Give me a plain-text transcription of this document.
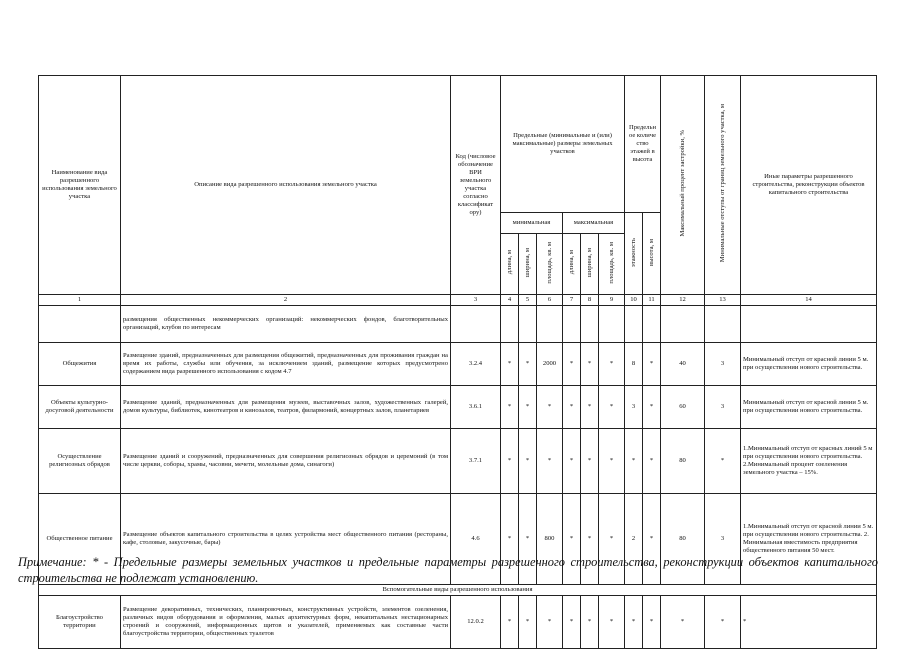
Наименование вида разрешенного использования земельного участка	Описание вида разрешенного использования земельного участка	Код (числовое обозначение ВРИ земельного участка согласно классификат ору)	Предельные (минимальные и (или) максимальные) размеры земельных участков						Предельн ое количе ство этажей в высота		Максимальный процент застройки, %	Минимальные отступы от границ земельного участка, м	Иные параметры разрешенного строительства, реконструкции объектов капитального строительства
			минимальная			максимальная			этажность	высота, м			
			длина, м	ширина, м	площадь, кв. м	длина, м	ширина, м	площадь, кв. м					
1	2	3	4	5	6	7	8	9	10	11	12	13	14
	размещения общественных некоммерческих организаций: некоммерческих фондов, благотворительных организаций, клубов по интересам												
Общежития	Размещение зданий, предназначенных для размещения общежитий, предназначенных для проживания граждан на время их работы, службы или обучения, за исключением зданий, размещение которых предусмотрено содержанием вида разрешенного использования с кодом 4.7	3.2.4	*	*	2000	*	*	*	8	*	40	3	Минимальный отступ от красной линии 5 м. при осуществлении нового строительства.
Объекты культурно-досуговой деятельности	Размещение зданий, предназначенных для размещения музеев, выставочных залов, художественных галерей, домов культуры, библиотек, кинотеатров и кинозалов, театров, филармоний, концертных залов, планетариев	3.6.1	*	*	*	*	*	*	3	*	60	3	Минимальный отступ от красной линии 5 м. при осуществлении нового строительства.
Осуществление религиозных обрядов	Размещение зданий и сооружений, предназначенных для совершения религиозных обрядов и церемоний (в том числе церкви, соборы, храмы, часовни, мечети, молельные дома, синагоги)	3.7.1	*	*	*	*	*	*	*	*	80	*	1.Минимальный отступ от красных линий 5 м при осуществлении нового строительства. 2.Минимальный процент озеленения земельного участка – 15%.
Общественное питание	Размещение объектов капитального строительства в целях устройства мест общественного питания (рестораны, кафе, столовые, закусочные, бары)	4.6	*	*	800	*	*	*	2	*	80	3	1.Минимальный отступ от красной линии 5 м. при осуществлении нового строительства. 2. Минимальная вместимость предприятия общественного питания 50 мест.
Вспомогательные виды разрешенного использования													
Благоустройство территории	Размещение декоративных, технических, планировочных, конструктивных устройств, элементов озеленения, различных видов оборудования и оформления, малых архитектурных форм, некапитальных нестационарных строений и сооружений, информационных щитов и указателей, применяемых как составные части благоустройства территории, общественных туалетов	12.0.2	*	*	*	*	*	*	*	*	*	*	*
Примечание: * - Предельные размеры земельных участков и предельные параметры разрешенного строительства, реконструкции объектов капитального строительства не подлежат установлению.
